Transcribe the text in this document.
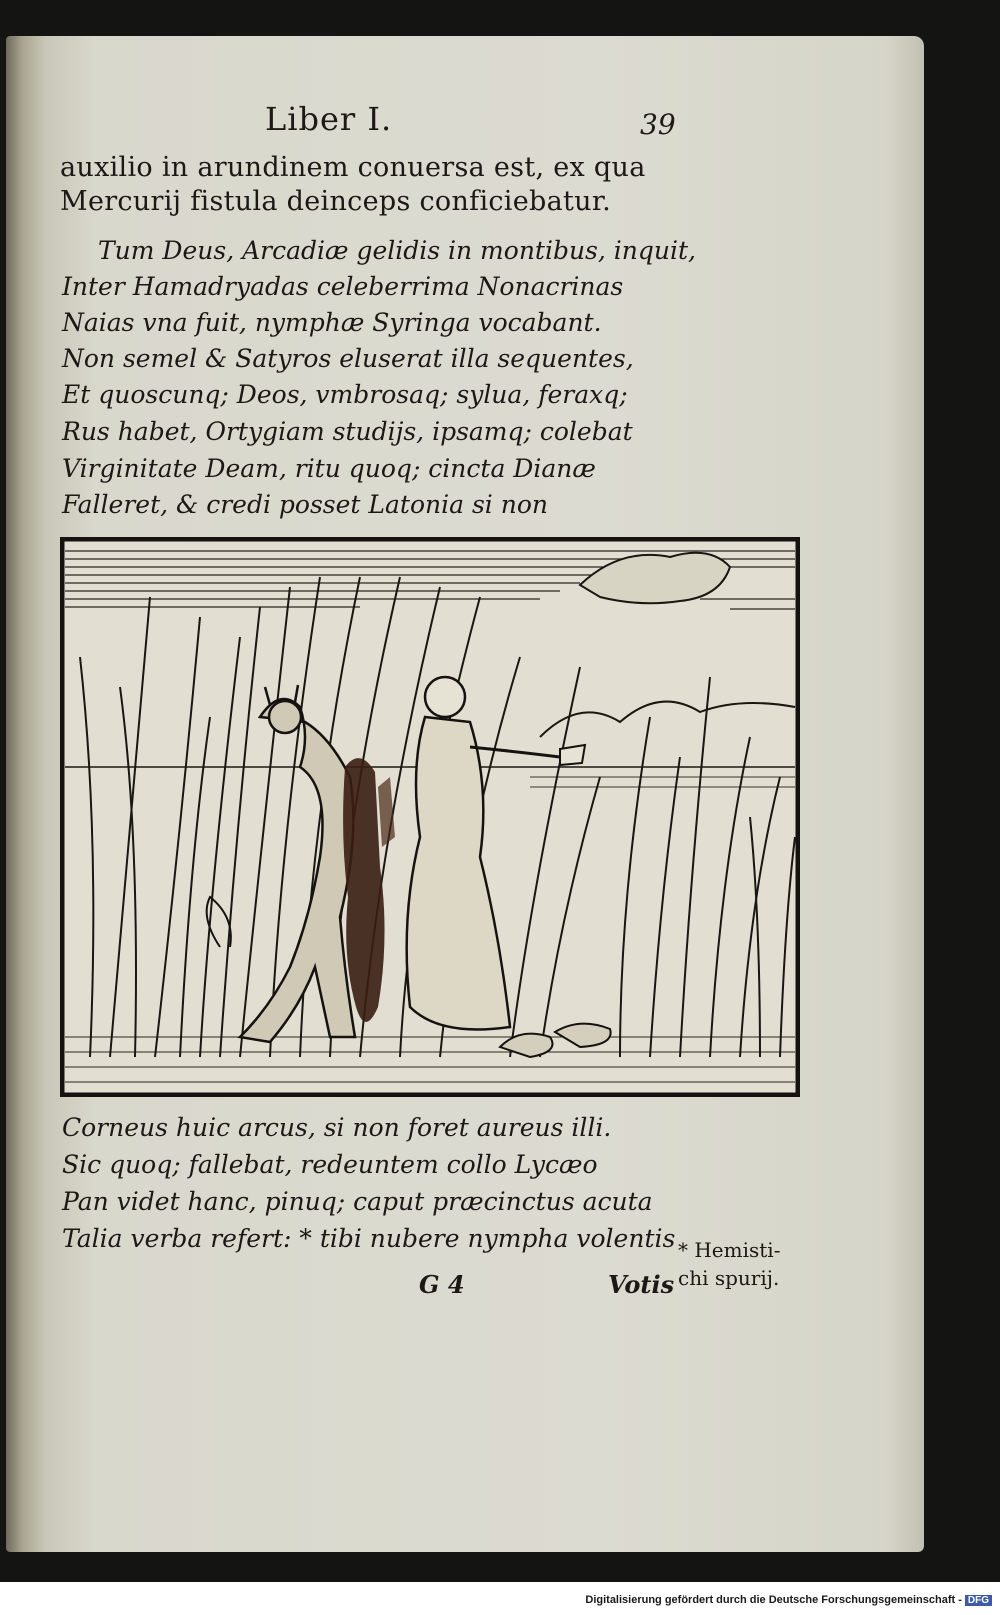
Liber I.	39
auxilio in arundinem conuersa est, ex qua
Mercurij fistula deinceps conficiebatur.
Tum Deus, Arcadiæ gelidis in montibus, inquit,
Inter Hamadryadas celeberrima Nonacrinas
Naias vna fuit, nymphæ Syringa vocabant.
Non semel & Satyros eluserat illa sequentes,
Et quoscunq; Deos, vmbrosaq; sylua, feraxq;
Rus habet, Ortygiam studijs, ipsamq; colebat
Virginitate Deam, ritu quoq; cincta Dianæ
Falleret, & credi posset Latonia si non
Corneus huic arcus, si non foret aureus illi.
Sic quoq; fallebat, redeuntem collo Lycæo
Pan videt hanc, pinuq; caput præcinctus acuta
Talia verba refert: * tibi nubere nympha volentis * Hemisti-
chi spurij.
G 4	Votis
Digitalisierung gefördert durch die Deutsche Forschungsgemeinschaft - DFG
